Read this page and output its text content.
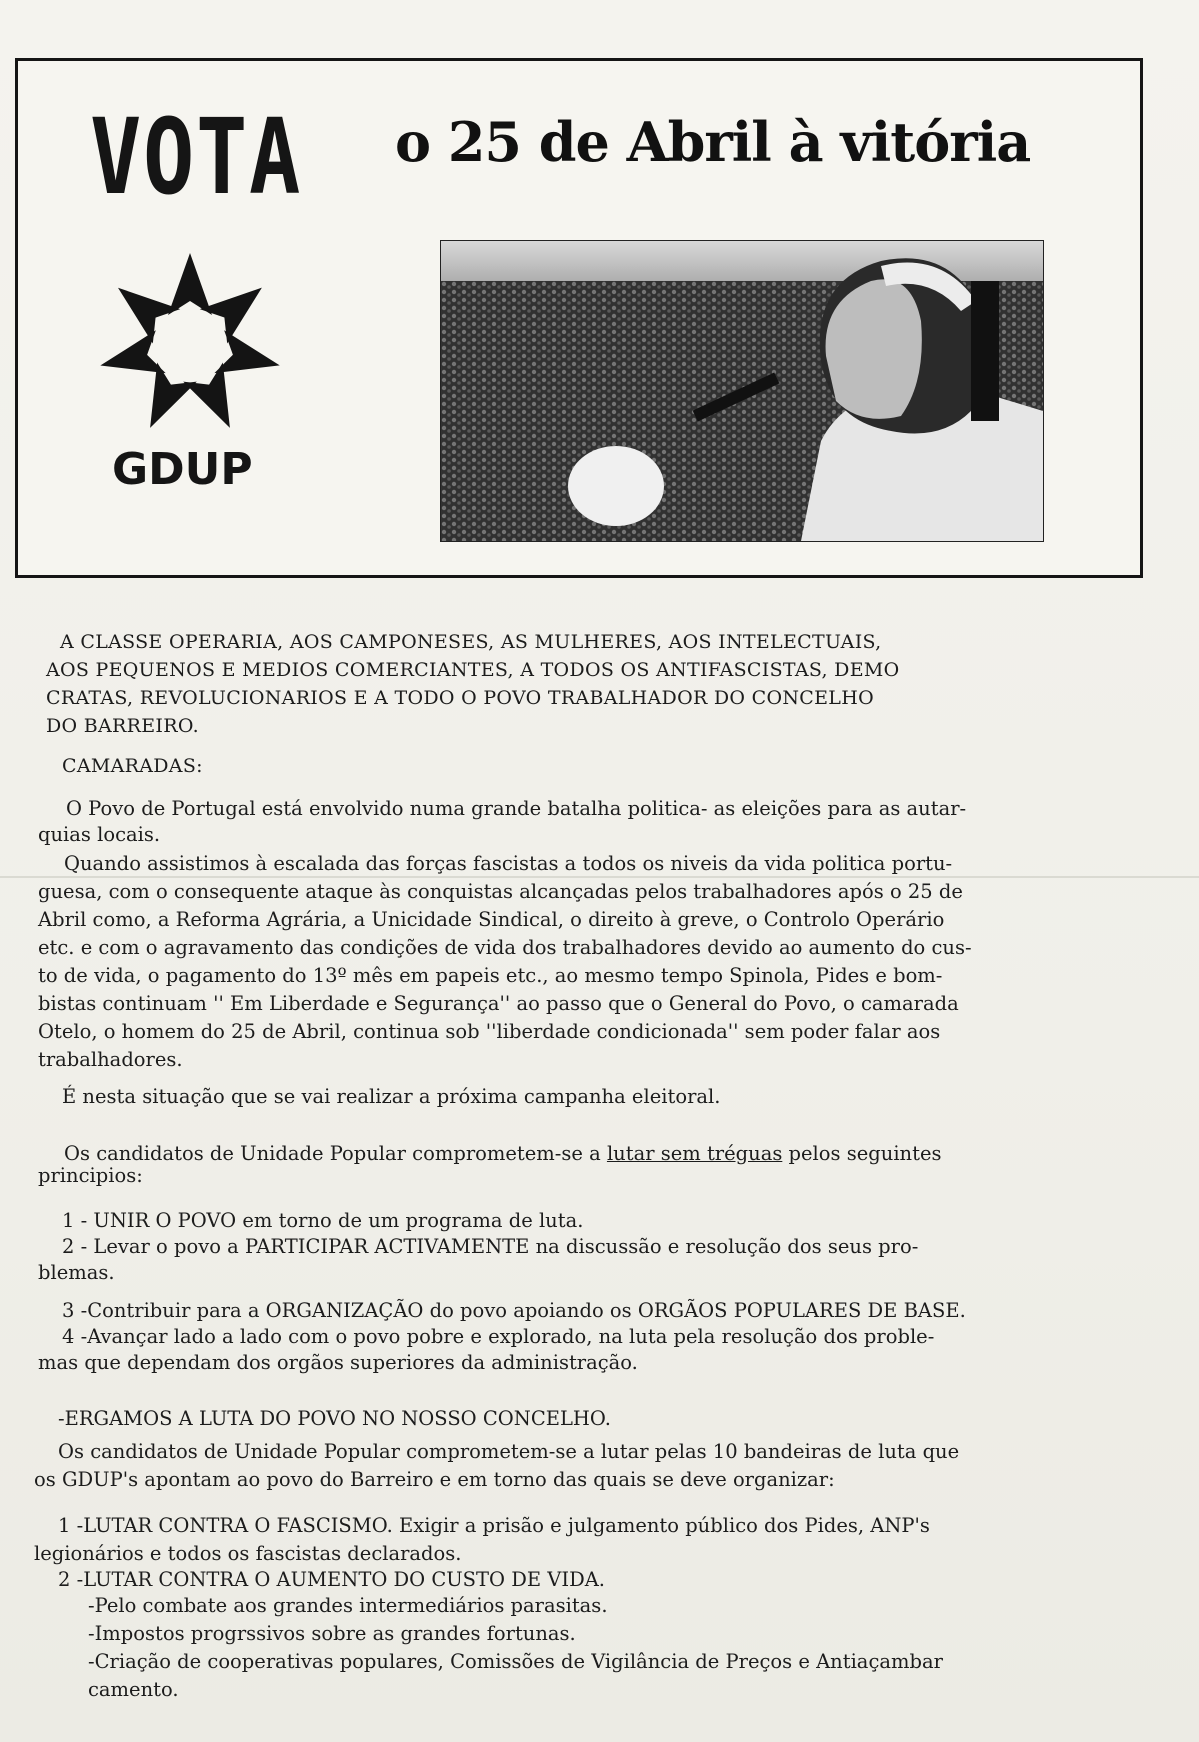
VOTA o 25 de Abril à vitória
GDUP
A CLASSE OPERARIA, AOS CAMPONESES, AS MULHERES, AOS INTELECTUAIS,
AOS PEQUENOS E MEDIOS COMERCIANTES, A TODOS OS ANTIFASCISTAS, DEMO
CRATAS, REVOLUCIONARIOS E A TODO O POVO TRABALHADOR DO CONCELHO
DO BARREIRO.
CAMARADAS:
O Povo de Portugal está envolvido numa grande batalha politica- as eleições para as autar-
quias locais.
Quando assistimos à escalada das forças fascistas a todos os niveis da vida politica portu-
guesa, com o consequente ataque às conquistas alcançadas pelos trabalhadores após o 25 de
Abril como, a Reforma Agrária, a Unicidade Sindical, o direito à greve, o Controlo Operário
etc. e com o agravamento das condições de vida dos trabalhadores devido ao aumento do cus-
to de vida, o pagamento do 13º mês em papeis etc., ao mesmo tempo Spinola, Pides e bom-
bistas continuam '' Em Liberdade e Segurança'' ao passo que o General do Povo, o camarada
Otelo, o homem do 25 de Abril, continua sob ''liberdade condicionada'' sem poder falar aos
trabalhadores.
É nesta situação que se vai realizar a próxima campanha eleitoral.
Os candidatos de Unidade Popular comprometem-se a lutar sem tréguas pelos seguintes
principios:
1 - UNIR O POVO em torno de um programa de luta.
2 - Levar o povo a PARTICIPAR ACTIVAMENTE na discussão e resolução dos seus pro-
blemas.
3 -Contribuir para a ORGANIZAÇÃO do povo apoiando os ORGÃOS POPULARES DE BASE.
4 -Avançar lado a lado com o povo pobre e explorado, na luta pela resolução dos proble-
mas que dependam dos orgãos superiores da administração.
-ERGAMOS A LUTA DO POVO NO NOSSO CONCELHO.
Os candidatos de Unidade Popular comprometem-se a lutar pelas 10 bandeiras de luta que
os GDUP's apontam ao povo do Barreiro e em torno das quais se deve organizar:
1 -LUTAR CONTRA O FASCISMO. Exigir a prisão e julgamento público dos Pides, ANP's
legionários e todos os fascistas declarados.
2 -LUTAR CONTRA O AUMENTO DO CUSTO DE VIDA.
-Pelo combate aos grandes intermediários parasitas.
-Impostos progrssivos sobre as grandes fortunas.
-Criação de cooperativas populares, Comissões de Vigilância de Preços e Antiaçambar
camento.
